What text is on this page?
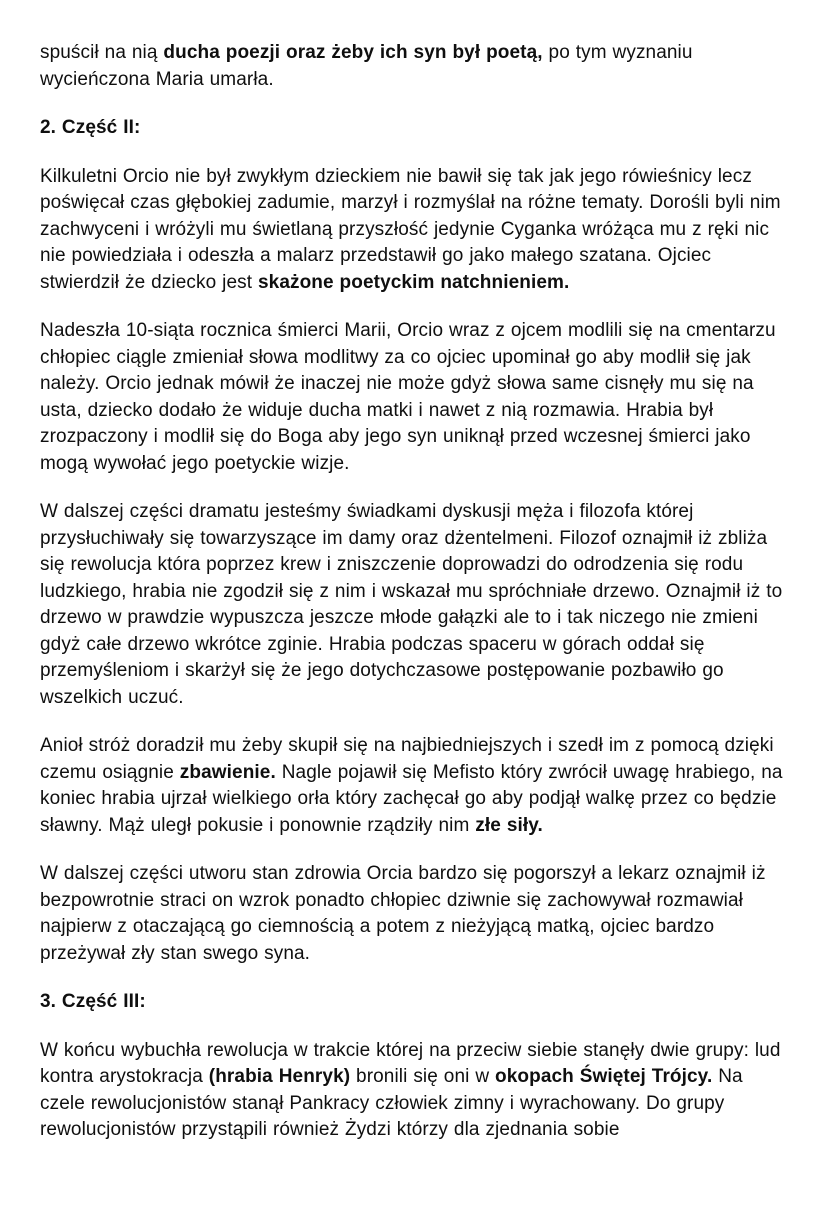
spuścił na nią ducha poezji oraz żeby ich syn był poetą, po tym wyznaniu wycieńczona Maria umarła.

2. Część II:

Kilkuletni Orcio nie był zwykłym dzieckiem nie bawił się tak jak jego rówieśnicy lecz poświęcał czas głębokiej zadumie, marzył i rozmyślał na różne tematy. Dorośli byli nim zachwyceni i wróżyli mu świetlaną przyszłość jedynie Cyganka wróżąca mu z ręki nic nie powiedziała i odeszła a malarz przedstawił go jako małego szatana. Ojciec stwierdził że dziecko jest skażone poetyckim natchnieniem.

Nadeszła 10-siąta rocznica śmierci Marii, Orcio wraz z ojcem modlili się na cmentarzu chłopiec ciągle zmieniał słowa modlitwy za co ojciec upominał go aby modlił się jak należy. Orcio jednak mówił że inaczej nie może gdyż słowa same cisnęły mu się na usta, dziecko dodało że widuje ducha matki i nawet z nią rozmawia. Hrabia był zrozpaczony i modlił się do Boga aby jego syn uniknął przed wczesnej śmierci jako mogą wywołać jego poetyckie wizje.

W dalszej części dramatu jesteśmy świadkami dyskusji męża i filozofa której przysłuchiwały się towarzyszące im damy oraz dżentelmeni. Filozof oznajmił iż zbliża się rewolucja która poprzez krew i zniszczenie doprowadzi do odrodzenia się rodu ludzkiego, hrabia nie zgodził się z nim i wskazał mu spróchniałe drzewo. Oznajmił iż to drzewo w prawdzie wypuszcza jeszcze młode gałązki ale to i tak niczego nie zmieni gdyż całe drzewo wkrótce zginie. Hrabia podczas spaceru w górach oddał się przemyśleniom i skarżył się że jego dotychczasowe postępowanie pozbawiło go wszelkich uczuć.

Anioł stróż doradził mu żeby skupił się na najbiedniejszych i szedł im z pomocą dzięki czemu osiągnie zbawienie. Nagle pojawił się Mefisto który zwrócił uwagę hrabiego, na koniec hrabia ujrzał wielkiego orła który zachęcał go aby podjął walkę przez co będzie sławny. Mąż uległ pokusie i ponownie rządziły nim złe siły.

W dalszej części utworu stan zdrowia Orcia bardzo się pogorszył a lekarz oznajmił iż bezpowrotnie straci on wzrok ponadto chłopiec dziwnie się zachowywał rozmawiał najpierw z otaczającą go ciemnością a potem z nieżyjącą matką, ojciec bardzo przeżywał zły stan swego syna.

3. Część III:

W końcu wybuchła rewolucja w trakcie której na przeciw siebie stanęły dwie grupy: lud kontra arystokracja (hrabia Henryk) bronili się oni w okopach Świętej Trójcy. Na czele rewolucjonistów stanął Pankracy człowiek zimny i wyrachowany. Do grupy rewolucjonistów przystąpili również Żydzi którzy dla zjednania sobie
